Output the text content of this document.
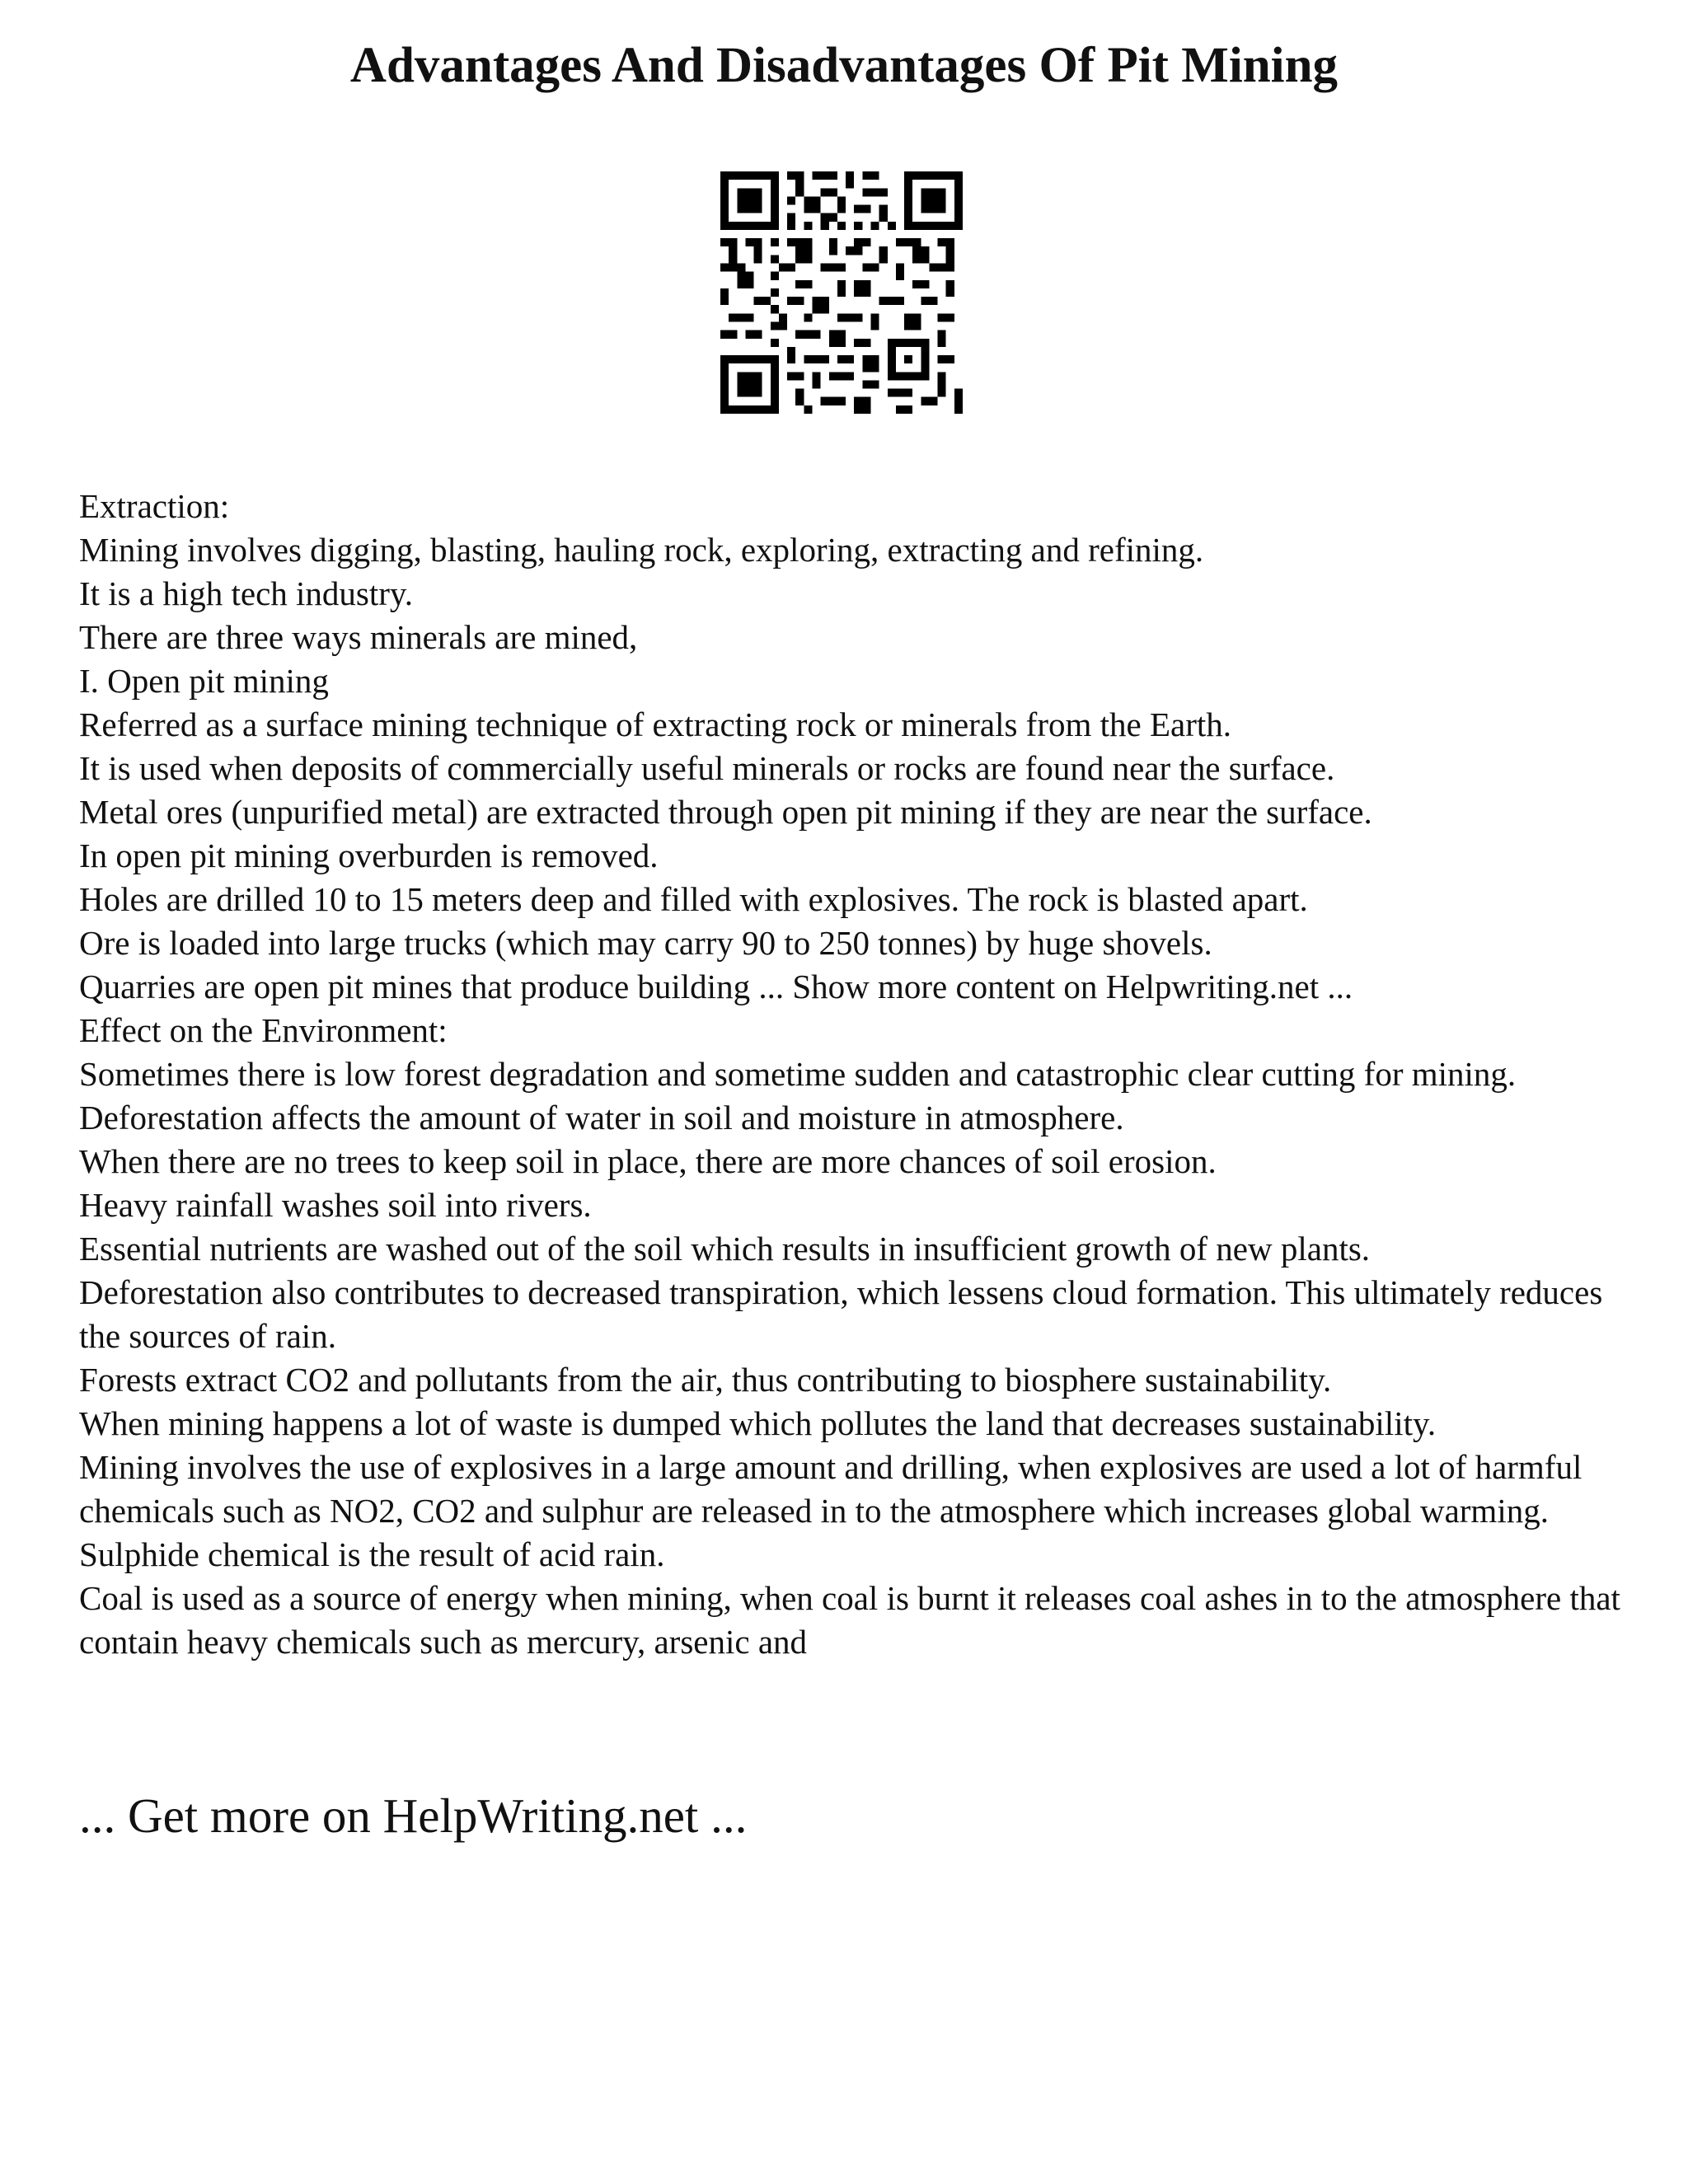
Advantages And Disadvantages Of Pit Mining
Extraction:
Mining involves digging, blasting, hauling rock, exploring, extracting and refining.
It is a high tech industry.
There are three ways minerals are mined,
I. Open pit mining
Referred as a surface mining technique of extracting rock or minerals from the Earth.
It is used when deposits of commercially useful minerals or rocks are found near the surface.
Metal ores (unpurified metal) are extracted through open pit mining if they are near the surface.
In open pit mining overburden is removed.
Holes are drilled 10 to 15 meters deep and filled with explosives. The rock is blasted apart.
Ore is loaded into large trucks (which may carry 90 to 250 tonnes) by huge shovels.
Quarries are open pit mines that produce building ... Show more content on Helpwriting.net ...
Effect on the Environment:
Sometimes there is low forest degradation and sometime sudden and catastrophic clear cutting for mining.
Deforestation affects the amount of water in soil and moisture in atmosphere.
When there are no trees to keep soil in place, there are more chances of soil erosion.
Heavy rainfall washes soil into rivers.
Essential nutrients are washed out of the soil which results in insufficient growth of new plants.
Deforestation also contributes to decreased transpiration, which lessens cloud formation. This ultimately reduces the sources of rain.
Forests extract CO2 and pollutants from the air, thus contributing to biosphere sustainability.
When mining happens a lot of waste is dumped which pollutes the land that decreases sustainability.
Mining involves the use of explosives in a large amount and drilling, when explosives are used a lot of harmful chemicals such as NO2, CO2 and sulphur are released in to the atmosphere which increases global warming.
Sulphide chemical is the result of acid rain.
Coal is used as a source of energy when mining, when coal is burnt it releases coal ashes in to the atmosphere that contain heavy chemicals such as mercury, arsenic and
... Get more on HelpWriting.net ...
